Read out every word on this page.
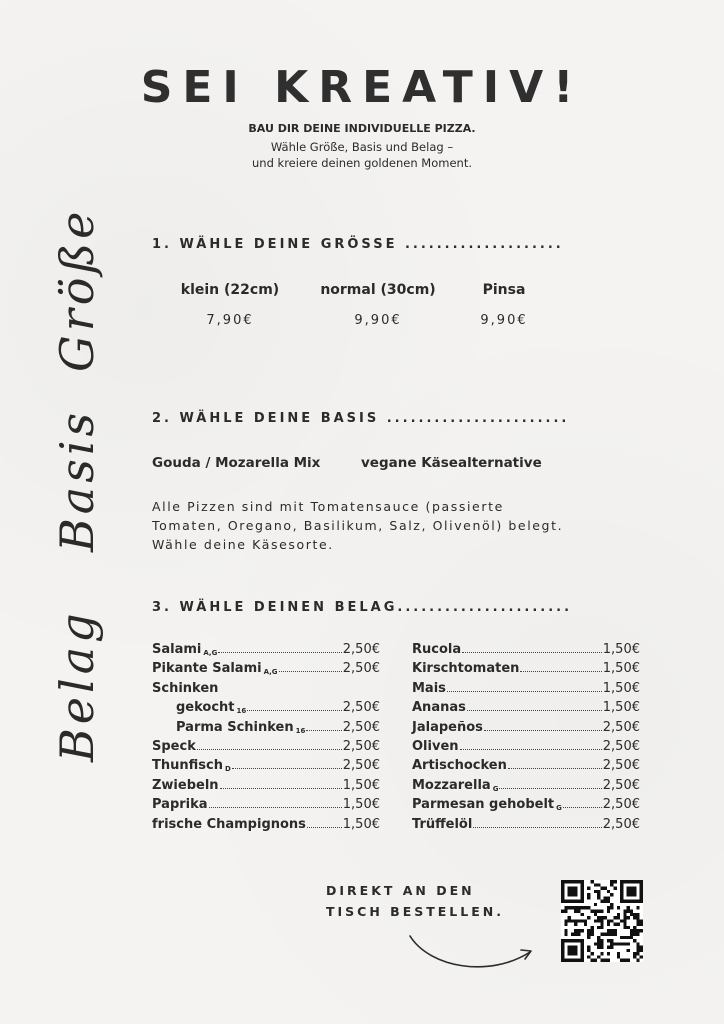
SEI KREATIV!
BAU DIR DEINE INDIVIDUELLE PIZZA.
Wähle Größe, Basis und Belag –
und kreiere deinen goldenen Moment.
Größe
Basis
Belag
1. WÄHLE DEINE GRÖSSE ....................
klein (22cm)	normal (30cm)	Pinsa
7,90€	9,90€	9,90€
2. WÄHLE DEINE BASIS .......................
Gouda / Mozarella Mix	vegane Käsealternative
Alle Pizzen sind mit Tomatensauce (passierte Tomaten, Oregano, Basilikum, Salz, Olivenöl) belegt. Wähle deine Käsesorte.
3. WÄHLE DEINEN BELAG......................
Salami $_{A,G}$	2,50€
Pikante Salami $_{A,G}$	2,50€
Schinken
gekocht $_{16}$	2,50€
Parma Schinken $_{16}$	2,50€
Speck	2,50€
Thunfisch $_D$	2,50€
Zwiebeln	1,50€
Paprika	1,50€
frische Champignons	1,50€
Rucola	1,50€
Kirschtomaten	1,50€
Mais	1,50€
Ananas	1,50€
Jalapeños	2,50€
Oliven	2,50€
Artischocken	2,50€
Mozzarella $_G$	2,50€
Parmesan gehobelt $_G$	2,50€
Trüffelöl	2,50€
DIREKT AN DEN
TISCH BESTELLEN.
